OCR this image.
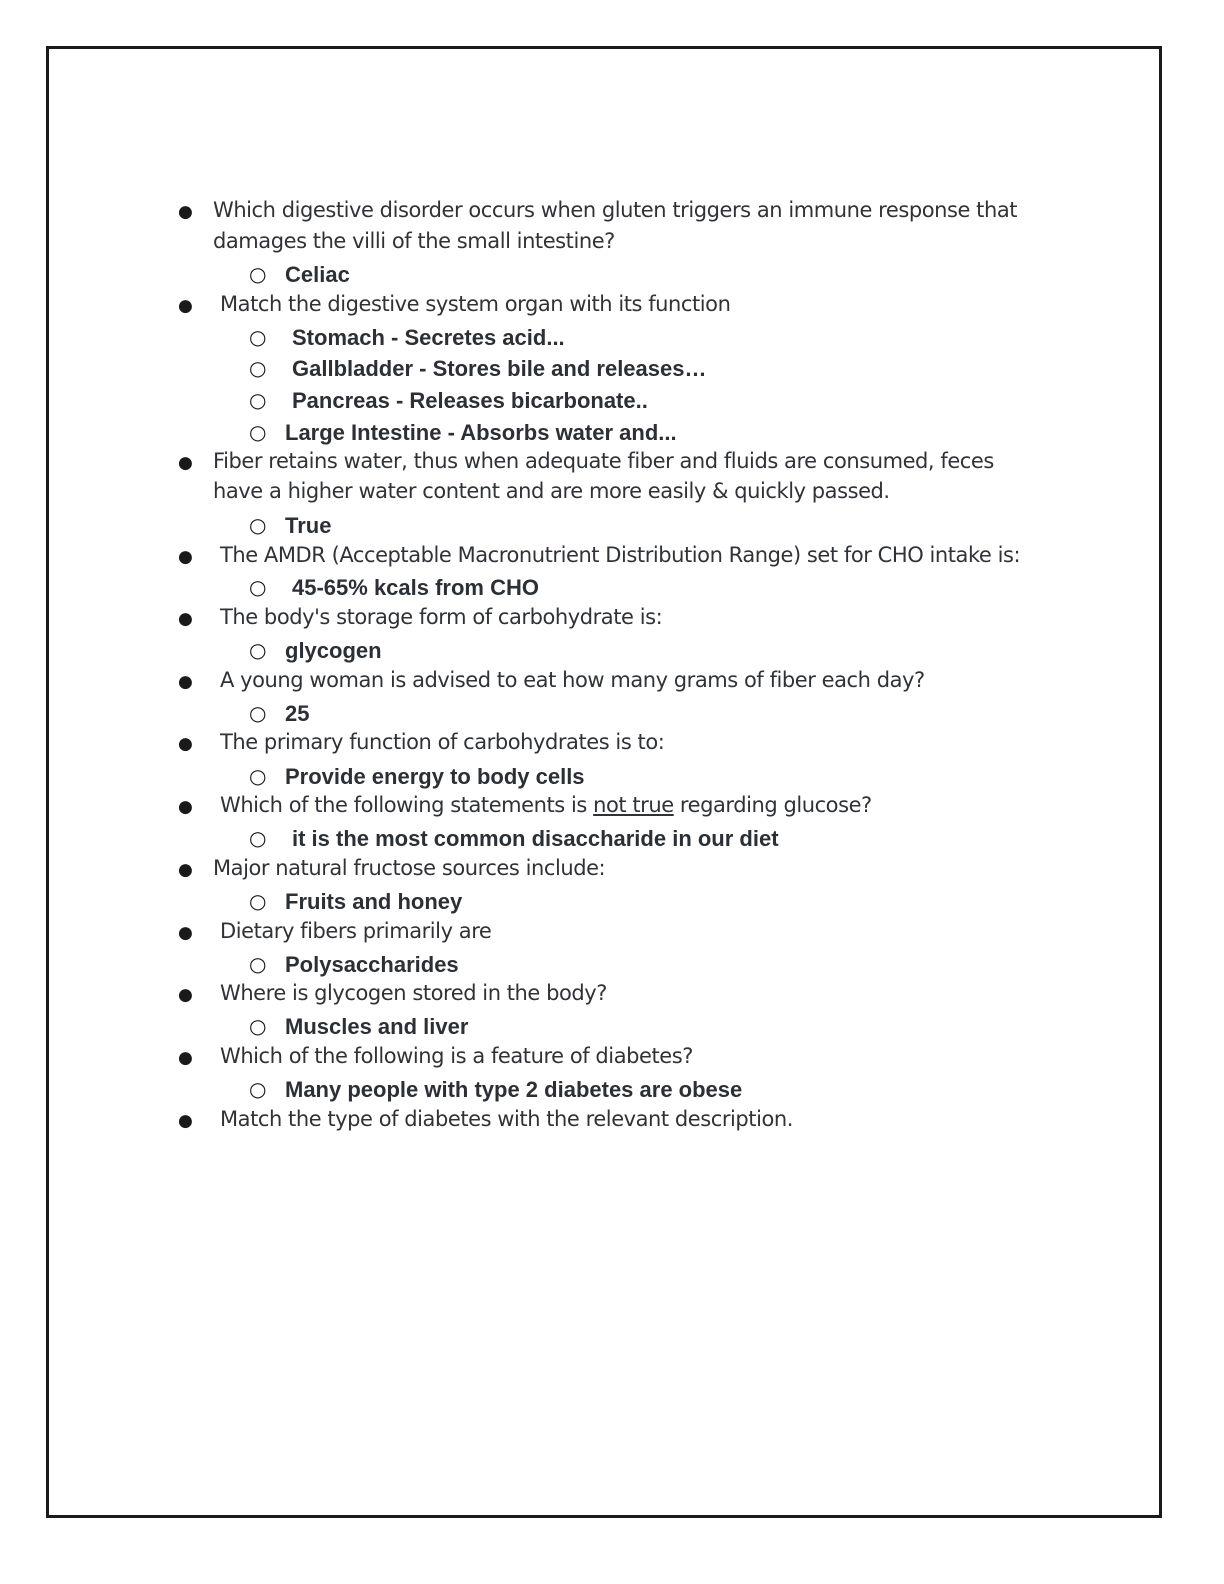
● Which digestive disorder occurs when gluten triggers an immune response that
damages the villi of the small intestine?
○ Celiac
● Match the digestive system organ with its function
○ Stomach - Secretes acid...
○ Gallbladder - Stores bile and releases…
○ Pancreas - Releases bicarbonate..
○ Large Intestine - Absorbs water and...
● Fiber retains water, thus when adequate fiber and fluids are consumed, feces
have a higher water content and are more easily & quickly passed.
○ True
● The AMDR (Acceptable Macronutrient Distribution Range) set for CHO intake is:
○ 45-65% kcals from CHO
● The body's storage form of carbohydrate is:
○ glycogen
● A young woman is advised to eat how many grams of fiber each day?
○ 25
● The primary function of carbohydrates is to:
○ Provide energy to body cells
● Which of the following statements is not true regarding glucose?
○ it is the most common disaccharide in our diet
● Major natural fructose sources include:
○ Fruits and honey
● Dietary fibers primarily are
○ Polysaccharides
● Where is glycogen stored in the body?
○ Muscles and liver
● Which of the following is a feature of diabetes?
○ Many people with type 2 diabetes are obese
● Match the type of diabetes with the relevant description.
